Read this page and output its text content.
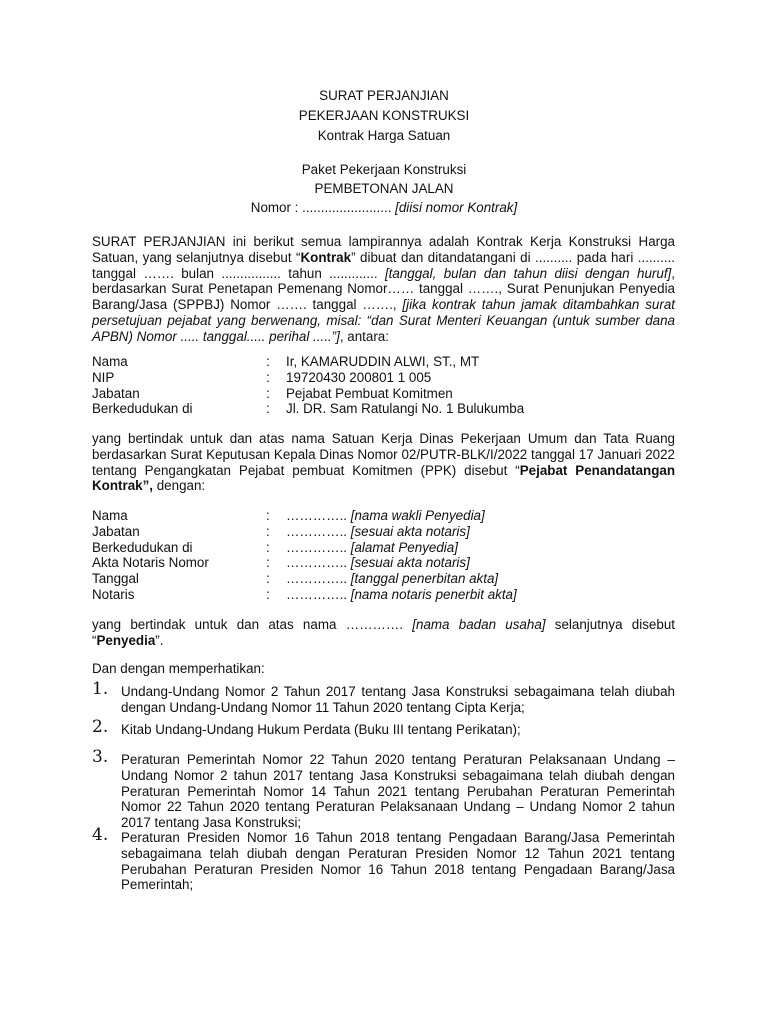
SURAT PERJANJIAN
PEKERJAAN KONSTRUKSI
Kontrak Harga Satuan
Paket Pekerjaan Konstruksi
PEMBETONAN JALAN
Nomor : ........................ [diisi nomor Kontrak]

SURAT PERJANJIAN ini berikut semua lampirannya adalah Kontrak Kerja Konstruksi Harga Satuan, yang selanjutnya disebut “Kontrak” dibuat dan ditandatangani di .......... pada hari .......... tanggal ……. bulan ................ tahun ............. [tanggal, bulan dan tahun diisi dengan huruf], berdasarkan Surat Penetapan Pemenang Nomor…… tanggal ……., Surat Penunjukan Penyedia Barang/Jasa (SPPBJ) Nomor ……. tanggal ……., [jika kontrak tahun jamak ditambahkan surat persetujuan pejabat yang berwenang, misal: “dan Surat Menteri Keuangan (untuk sumber dana APBN) Nomor ..... tanggal..... perihal .....”], antara:

Nama	:	Ir, KAMARUDDIN ALWI, ST., MT
NIP	:	19720430 200801 1 005
Jabatan	:	Pejabat Pembuat Komitmen
Berkedudukan di	:	Jl. DR. Sam Ratulangi No. 1 Bulukumba

yang bertindak untuk dan atas nama Satuan Kerja Dinas Pekerjaan Umum dan Tata Ruang berdasarkan Surat Keputusan Kepala Dinas Nomor 02/PUTR-BLK/I/2022 tanggal 17 Januari 2022 tentang Pengangkatan Pejabat pembuat Komitmen (PPK) disebut “Pejabat Penandatangan Kontrak”, dengan:

Nama	:	………….. [nama wakli Penyedia]
Jabatan	:	………….. [sesuai akta notaris]
Berkedudukan di	:	………….. [alamat Penyedia]
Akta Notaris Nomor	:	………….. [sesuai akta notaris]
Tanggal	:	………….. [tanggal penerbitan akta]
Notaris	:	………….. [nama notaris penerbit akta]

yang bertindak untuk dan atas nama …………. [nama badan usaha] selanjutnya disebut “Penyedia”.

Dan dengan memperhatikan:
1. Undang-Undang Nomor 2 Tahun 2017 tentang Jasa Konstruksi sebagaimana telah diubah dengan Undang-Undang Nomor 11 Tahun 2020 tentang Cipta Kerja;
2. Kitab Undang-Undang Hukum Perdata (Buku III tentang Perikatan);
3. Peraturan Pemerintah Nomor 22 Tahun 2020 tentang Peraturan Pelaksanaan Undang – Undang Nomor 2 tahun 2017 tentang Jasa Konstruksi sebagaimana telah diubah dengan Peraturan Pemerintah Nomor 14 Tahun 2021 tentang Perubahan Peraturan Pemerintah Nomor 22 Tahun 2020 tentang Peraturan Pelaksanaan Undang – Undang Nomor 2 tahun 2017 tentang Jasa Konstruksi;
4. Peraturan Presiden Nomor 16 Tahun 2018 tentang Pengadaan Barang/Jasa Pemerintah sebagaimana telah diubah dengan Peraturan Presiden Nomor 12 Tahun 2021 tentang Perubahan Peraturan Presiden Nomor 16 Tahun 2018 tentang Pengadaan Barang/Jasa Pemerintah;
